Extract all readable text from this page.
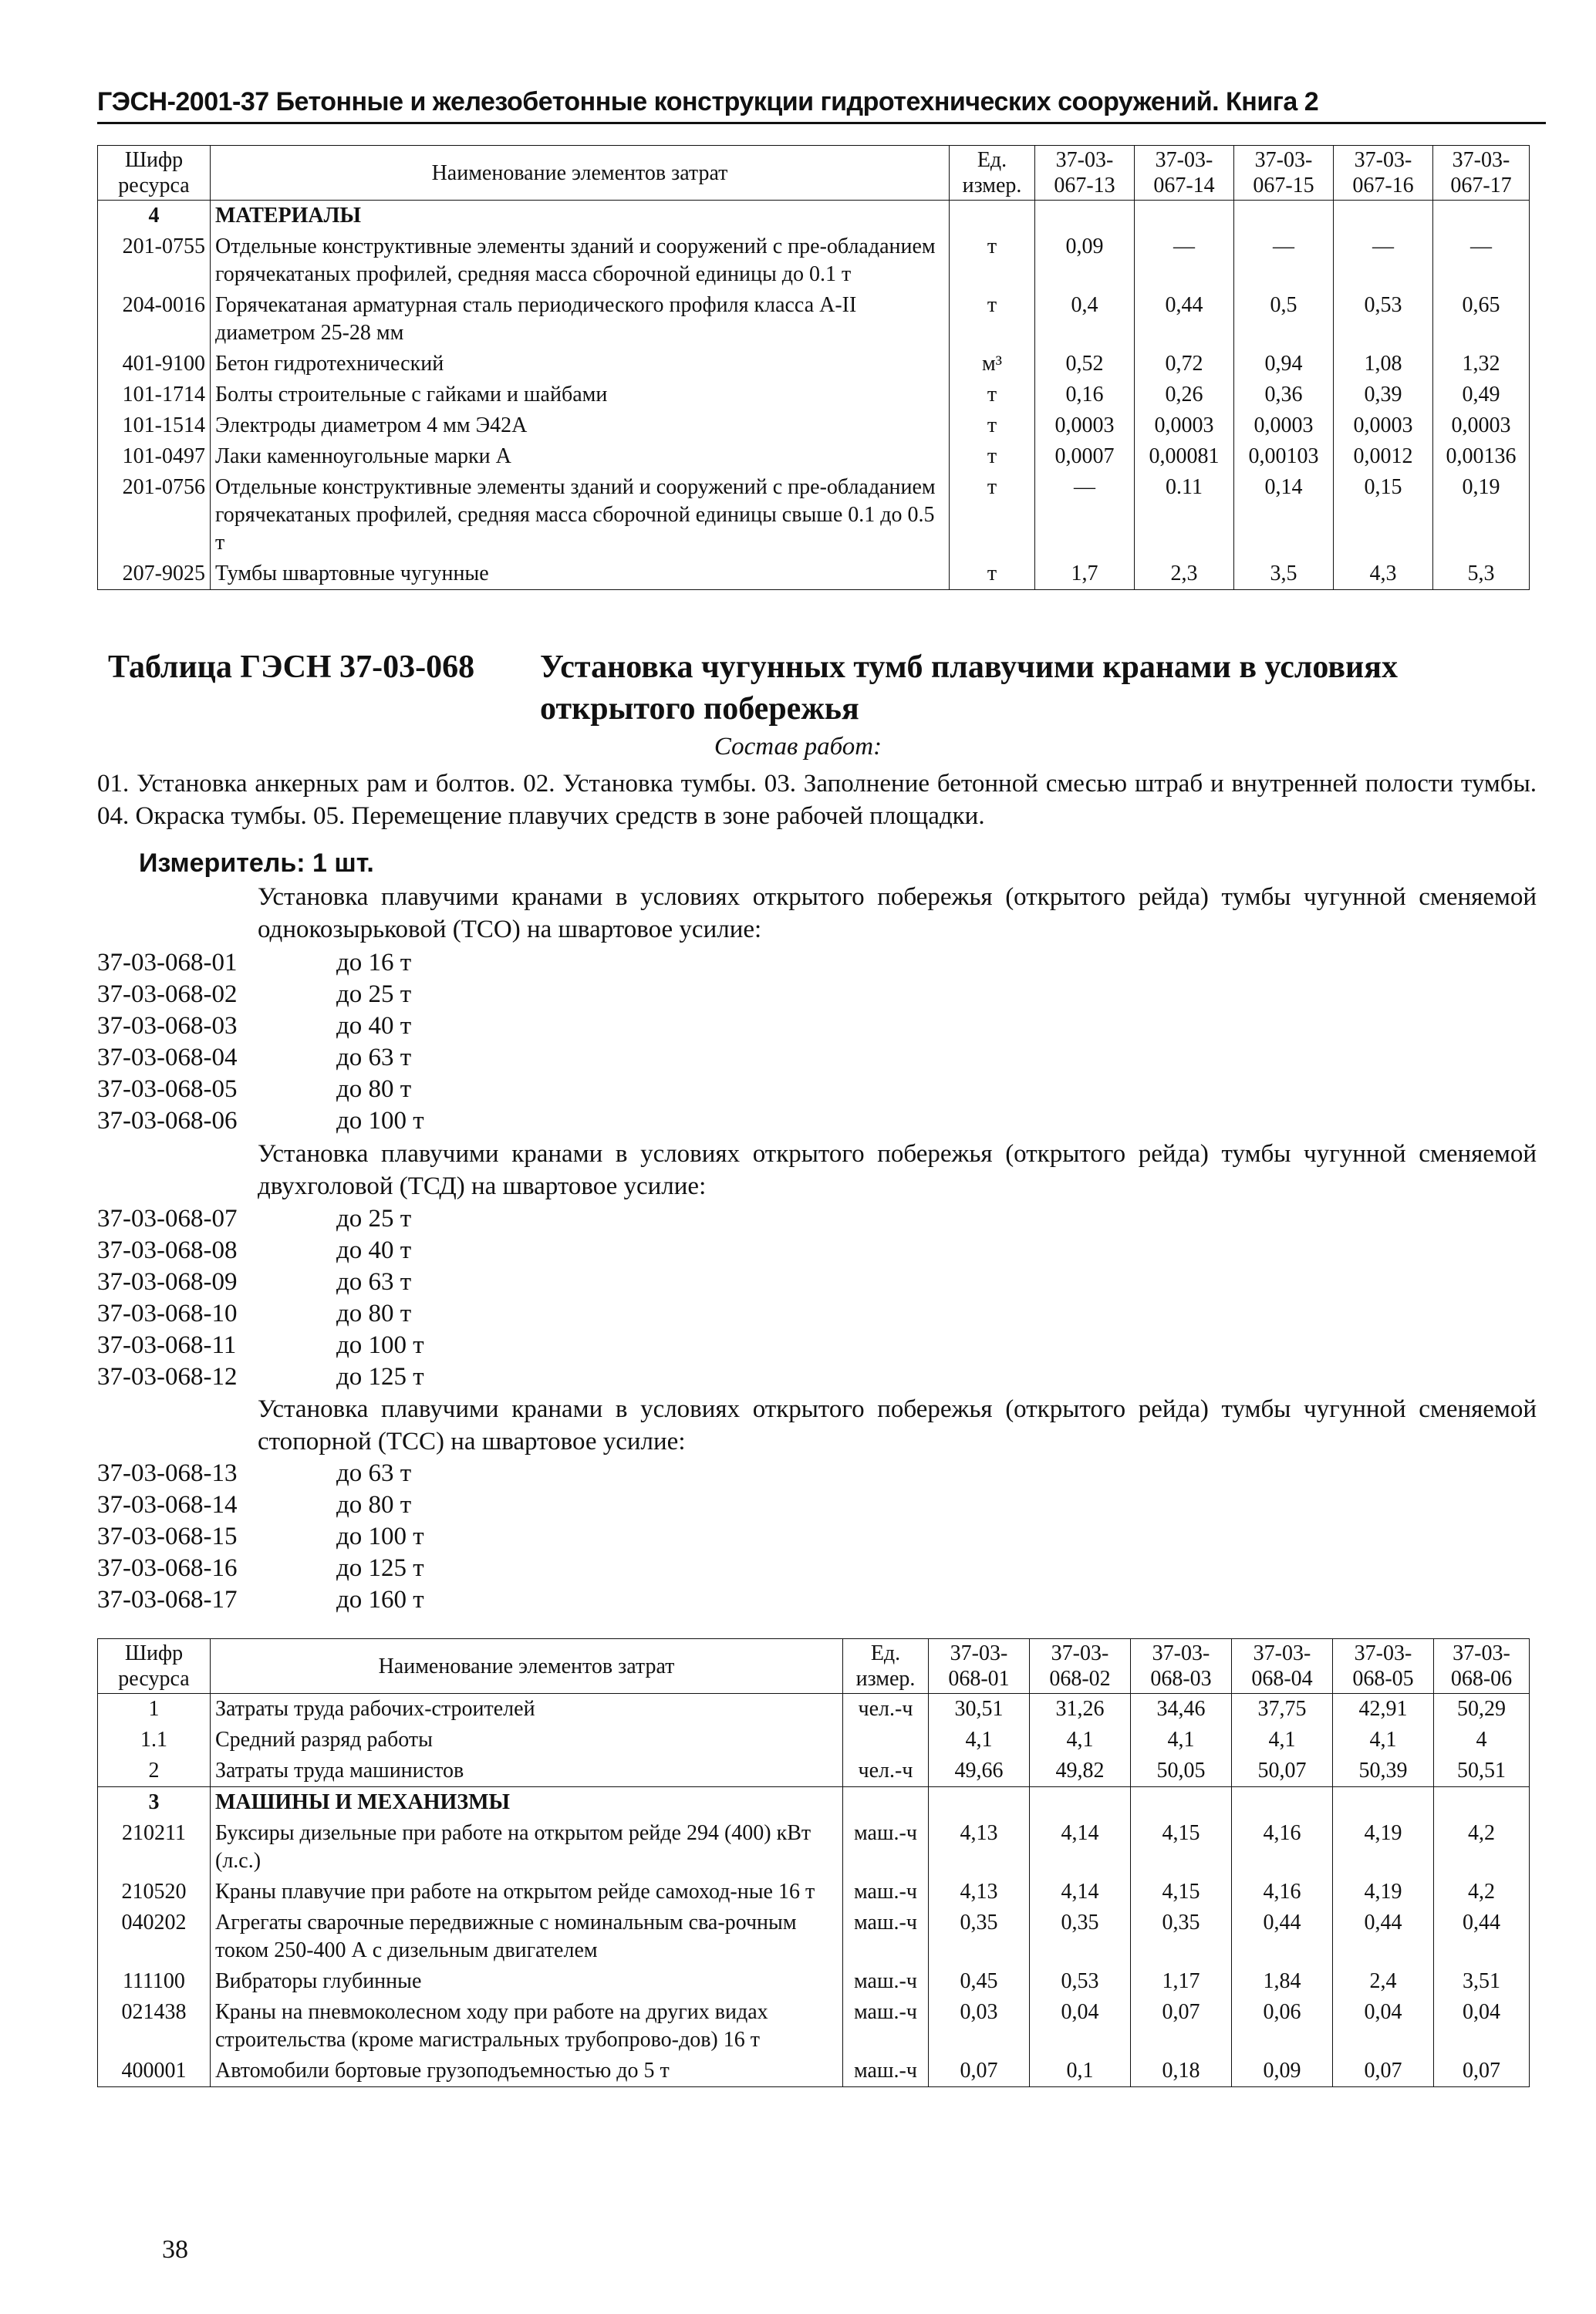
ГЭСН-2001-37 Бетонные и железобетонные конструкции гидротехнических сооружений. Книга 2
Шифр ресурса	Наименование элементов затрат	Ед. измер.	37-03-067-13	37-03-067-14	37-03-067-15	37-03-067-16	37-03-067-17
4	МАТЕРИАЛЫ						
201-0755	Отдельные конструктивные элементы зданий и сооружений с пре-обладанием горячекатаных профилей, средняя масса сборочной единицы до 0.1 т	т	0,09	—	—	—	—
204-0016	Горячекатаная арматурная сталь периодического профиля класса A-II диаметром 25-28 мм	т	0,4	0,44	0,5	0,53	0,65
401-9100	Бетон гидротехнический	м³	0,52	0,72	0,94	1,08	1,32
101-1714	Болты строительные с гайками и шайбами	т	0,16	0,26	0,36	0,39	0,49
101-1514	Электроды диаметром 4 мм Э42А	т	0,0003	0,0003	0,0003	0,0003	0,0003
101-0497	Лаки каменноугольные марки А	т	0,0007	0,00081	0,00103	0,0012	0,00136
201-0756	Отдельные конструктивные элементы зданий и сооружений с пре-обладанием горячекатаных профилей, средняя масса сборочной единицы свыше 0.1 до 0.5 т	т	—	0.11	0,14	0,15	0,19
207-9025	Тумбы швартовные чугунные	т	1,7	2,3	3,5	4,3	5,3
Таблица ГЭСН 37-03-068 Установка чугунных тумб плавучими кранами в условиях открытого побережья
Состав работ:
01. Установка анкерных рам и болтов. 02. Установка тумбы. 03. Заполнение бетонной смесью штраб и внутренней полости тумбы. 04. Окраска тумбы. 05. Перемещение плавучих средств в зоне рабочей площадки.
Измеритель: 1 шт.
Установка плавучими кранами в условиях открытого побережья (открытого рейда) тумбы чугунной сменяемой однокозырьковой (ТСО) на швартовое усилие:
37-03-068-01	до 16 т
37-03-068-02	до 25 т
37-03-068-03	до 40 т
37-03-068-04	до 63 т
37-03-068-05	до 80 т
37-03-068-06	до 100 т
Установка плавучими кранами в условиях открытого побережья (открытого рейда) тумбы чугунной сменяемой двухголовой (ТСД) на швартовое усилие:
37-03-068-07	до 25 т
37-03-068-08	до 40 т
37-03-068-09	до 63 т
37-03-068-10	до 80 т
37-03-068-11	до 100 т
37-03-068-12	до 125 т
Установка плавучими кранами в условиях открытого побережья (открытого рейда) тумбы чугунной сменяемой стопорной (ТСС) на швартовое усилие:
37-03-068-13	до 63 т
37-03-068-14	до 80 т
37-03-068-15	до 100 т
37-03-068-16	до 125 т
37-03-068-17	до 160 т
Шифр ресурса	Наименование элементов затрат	Ед. измер.	37-03-068-01	37-03-068-02	37-03-068-03	37-03-068-04	37-03-068-05	37-03-068-06
1	Затраты труда рабочих-строителей	чел.-ч	30,51	31,26	34,46	37,75	42,91	50,29
1.1	Средний разряд работы		4,1	4,1	4,1	4,1	4,1	4
2	Затраты труда машинистов	чел.-ч	49,66	49,82	50,05	50,07	50,39	50,51
3	МАШИНЫ И МЕХАНИЗМЫ							
210211	Буксиры дизельные при работе на открытом рейде 294 (400) кВт (л.с.)	маш.-ч	4,13	4,14	4,15	4,16	4,19	4,2
210520	Краны плавучие при работе на открытом рейде самоход-ные 16 т	маш.-ч	4,13	4,14	4,15	4,16	4,19	4,2
040202	Агрегаты сварочные передвижные с номинальным сва-рочным током 250-400 А с дизельным двигателем	маш.-ч	0,35	0,35	0,35	0,44	0,44	0,44
111100	Вибраторы глубинные	маш.-ч	0,45	0,53	1,17	1,84	2,4	3,51
021438	Краны на пневмоколесном ходу при работе на других видах строительства (кроме магистральных трубопрово-дов) 16 т	маш.-ч	0,03	0,04	0,07	0,06	0,04	0,04
400001	Автомобили бортовые грузоподъемностью до 5 т	маш.-ч	0,07	0,1	0,18	0,09	0,07	0,07
38
